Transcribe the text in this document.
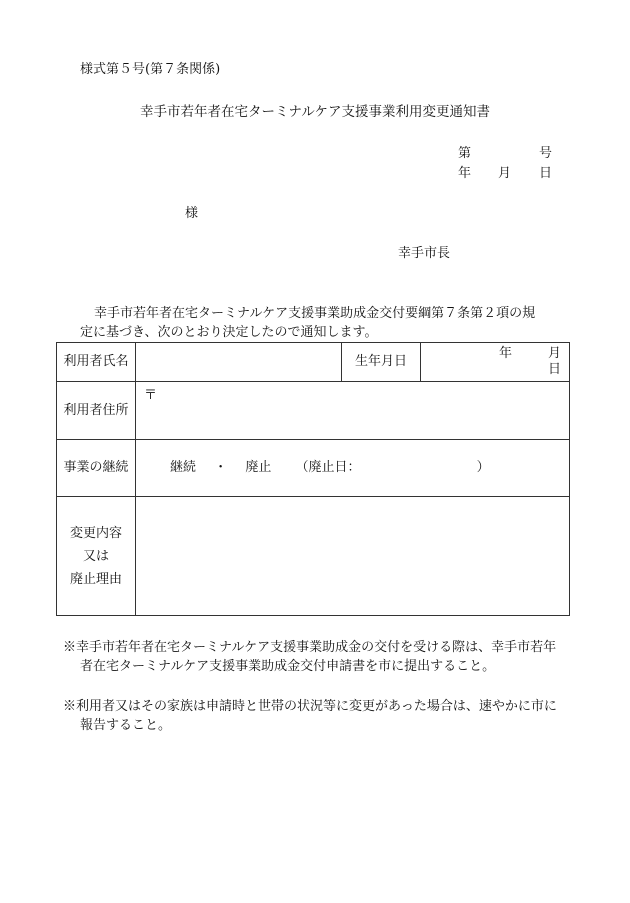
様式第５号(第７条関係)
幸手市若年者在宅ターミナルケア支援事業利用変更通知書
第	号
年 月 日
様
幸手市長
幸手市若年者在宅ターミナルケア支援事業助成金交付要綱第７条第２項の規
定に基づき、次のとおり決定したので通知します。
利用者氏名		生年月日	年 月日
利用者住所	〒		
事業の継続	継続 ・ 廃止 （廃止日： ）		

変更内容
又は
廃止理由			

※幸手市若年者在宅ターミナルケア支援事業助成金の交付を受ける際は、幸手市若年
者在宅ターミナルケア支援事業助成金交付申請書を市に提出すること。
※利用者又はその家族は申請時と世帯の状況等に変更があった場合は、速やかに市に
報告すること。
